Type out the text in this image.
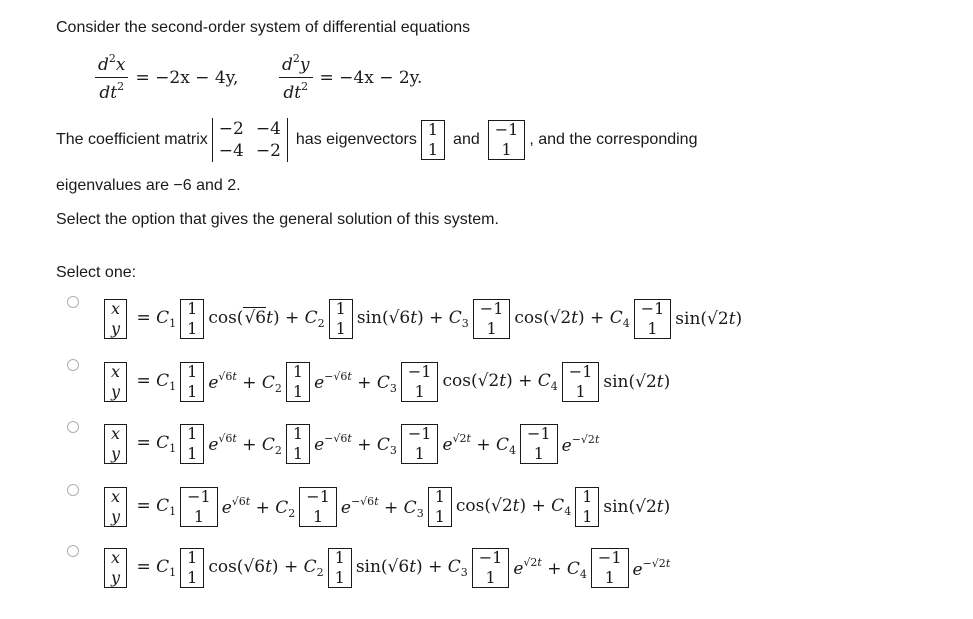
Consider the second-order system of differential equations
$\frac{d^2x}{dt^2} = -2x - 4y$, $\frac{d^2y}{dt^2} = -4x - 2y$.
The coefficient matrix
−2 −4
−4 −2
has eigenvectors
1
1
and
−1
1
, and the corresponding
eigenvalues are −6 and 2.
Select the option that gives the general solution of this system.
Select one:
x
y
= $C_1$
1
1
$\cos(√6t) + C_2$
1
1
$\sin(√6t) + C_3$
−1
1
$\cos(√2t) + C_4$
−1
1 sin(√2t)
x
y
= $C_1$
1
1 $e^{√6t} + C_2$
1
1 $e^{-√6t} + C_3$
−1
1
$\cos(√2t) + C_4$
−1
1 sin(√2t)
x
y
= $C_1$
1
1 $e^{√6t} + C_2$
1
1 $e^{-√6t} + C_3$
−1
1 $e^{√2t} + C_4$
−1
1 $e^{-√2t}$
x
y
= $C_1$
−1
1 $e^{√6t} + C_2$
−1
1 $e^{-√6t} + C_3$
1
1
$\cos(√2t) + C_4$
1
1 sin(√2t)
x
y
= $C_1$
1
1
$\cos(√6t) + C_2$
1
1
$\sin(√6t) + C_3$
−1
1 $e^{√2t} + C_4$
−1
1 $e^{-√2t}$
